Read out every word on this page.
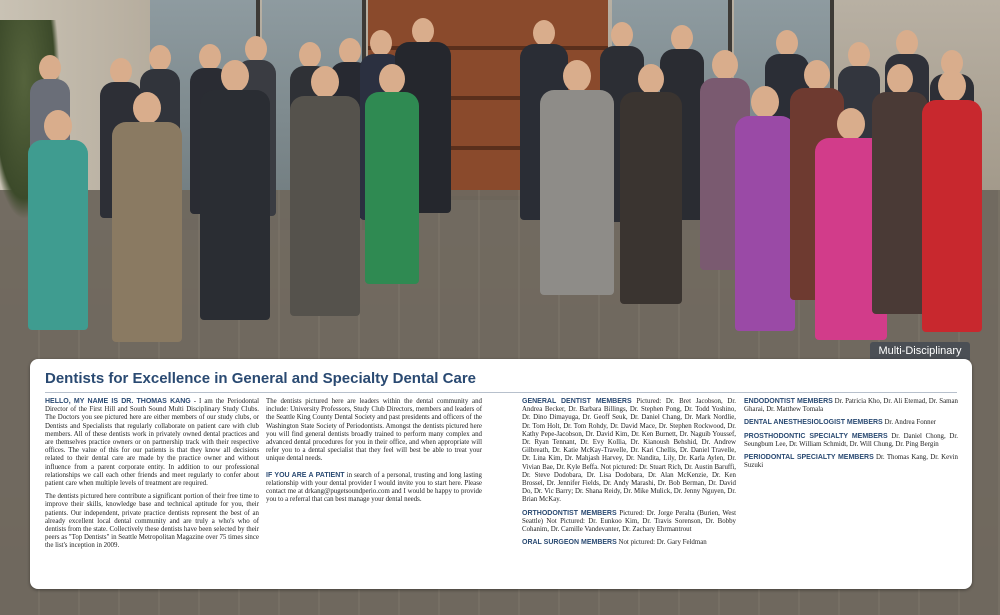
Multi-Disciplinary
Dentists for Excellence in General and Specialty Dental Care

HELLO, MY NAME IS DR. THOMAS KANG - I am the Periodontal Director of the First Hill and South Sound Multi Disciplinary Study Clubs. The Doctors you see pictured here are either members of our study clubs, or Dentists and Specialists that regularly collaborate on patient care with club members. All of these dentists work in privately owned dental practices and are themselves practice owners or on partnership track with their respective offices. The value of this for our patients is that they know all decisions related to their dental care are made by the practice owner and without influence from a parent corporate entity. In addition to our professional relationships we call each other friends and meet regularly to confer about patient care when multiple levels of treatment are required.

The dentists pictured here contribute a significant portion of their free time to improve their skills, knowledge base and technical aptitude for you, their patients. Our independent, private practice dentists represent the best of an already excellent local dental community and are truly a who's who of dentists from the state. Collectively these dentists have been selected by their peers as "Top Dentists" in Seattle Metropolitan Magazine over 75 times since the list's inception in 2009.

The dentists pictured here are leaders within the dental community and include: University Professors, Study Club Directors, members and leaders of the Seattle King County Dental Society and past presidents and officers of the Washington State Society of Periodontists. Amongst the dentists pictured here you will find general dentists broadly trained to perform many complex and advanced dental procedures for you in their office, and when appropriate will refer you to a dental specialist that they feel will best be able to treat your unique dental needs.

IF YOU ARE A PATIENT in search of a personal, trusting and long lasting relationship with your dental provider I would invite you to start here. Please contact me at drkang@pugetsoundperio.com and I would be happy to provide you to a referral that can best manage your dental needs.

GENERAL DENTIST MEMBERS Pictured: Dr. Bret Jacobson, Dr. Andrea Becker, Dr. Barbara Billings, Dr. Stephen Pong, Dr. Todd Yoshino, Dr. Dino Dimayuga, Dr. Geoff Seuk, Dr. Daniel Chang, Dr. Mark Nordlie, Dr. Tom Holt, Dr. Tom Rohdy, Dr. David Mace, Dr. Stephen Rockwood, Dr. Kathy Pepe-Jacobson, Dr. David Kim, Dr. Ken Burnett, Dr. Naguib Youssef, Dr. Ryan Tennant, Dr. Evy Kollia, Dr. Kianoush Behshid, Dr. Andrew Gilbreath, Dr. Katie McKay-Travelle, Dr. Kari Chellis, Dr. Daniel Travelle, Dr. Lina Kim, Dr. Mahjash Harvey, Dr. Nandita, Lily, Dr. Karla Aylen, Dr. Vivian Bae, Dr. Kyle Beffa. Not pictured: Dr. Stuart Rich, Dr. Austin Baruffi, Dr. Steve Dodobara, Dr. Lisa Dodobara, Dr. Alan McKenzie, Dr. Ken Brossel, Dr. Jennifer Fields, Dr. Andy Marashi, Dr. Bob Berman, Dr. David Do, Dr. Vic Barry; Dr. Shana Reidy, Dr. Mike Mulick, Dr. Jenny Nguyen, Dr. Brian McKay.

ORTHODONTIST MEMBERS Pictured: Dr. Jorge Peralta (Burien, West Seattle) Not Pictured: Dr. Eunkoo Kim, Dr. Travis Sorenson, Dr. Bobby Cohanim, Dr. Camille Vandevanter, Dr. Zachary Ehrmantrout

ORAL SURGEON MEMBERS Not pictured: Dr. Gary Feldman

ENDODONTIST MEMBERS Dr. Patricia Kho, Dr. Ali Etemad, Dr. Saman Gharai, Dr. Matthew Tomala

DENTAL ANESTHESIOLOGIST MEMBERS Dr. Andrea Fonner

PROSTHODONTIC SPECIALTY MEMBERS Dr. Daniel Chong, Dr. Seungbum Lee, Dr. William Schmidt, Dr. Will Chung, Dr. Ping Bergin

PERIODONTAL SPECIALTY MEMBERS Dr. Thomas Kang, Dr. Kevin Suzuki
